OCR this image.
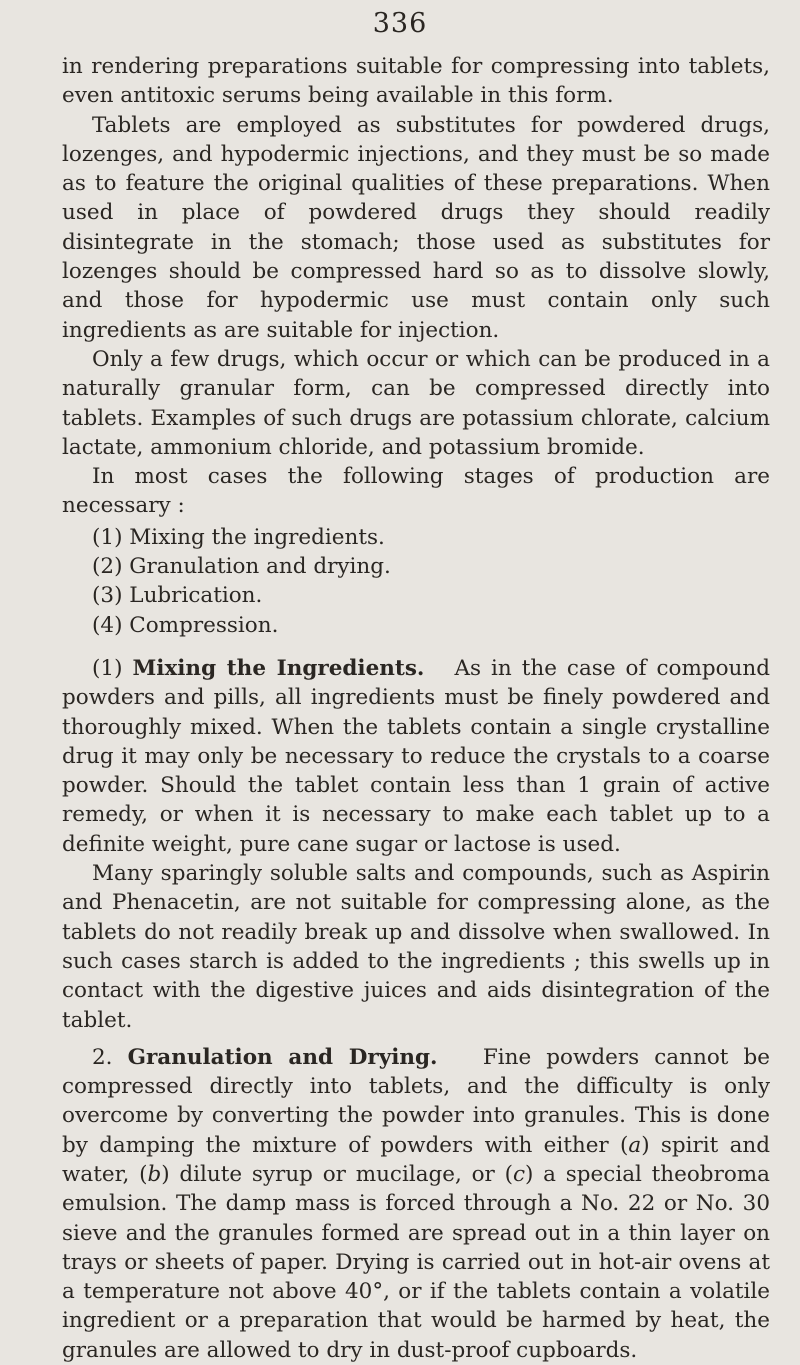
336

in rendering preparations suitable for compressing into tablets, even antitoxic serums being available in this form.

Tablets are employed as substitutes for powdered drugs, lozenges, and hypodermic injections, and they must be so made as to feature the original qualities of these preparations. When used in place of powdered drugs they should readily disintegrate in the stomach; those used as substitutes for lozenges should be compressed hard so as to dissolve slowly, and those for hypodermic use must contain only such ingredients as are suitable for injection.

Only a few drugs, which occur or which can be produced in a naturally granular form, can be compressed directly into tablets. Examples of such drugs are potassium chlorate, calcium lactate, ammonium chloride, and potassium bromide.

In most cases the following stages of production are necessary :

(1) Mixing the ingredients.
(2) Granulation and drying.
(3) Lubrication.
(4) Compression.

(1) Mixing the Ingredients. As in the case of compound powders and pills, all ingredients must be finely powdered and thoroughly mixed. When the tablets contain a single crystalline drug it may only be necessary to reduce the crystals to a coarse powder. Should the tablet contain less than 1 grain of active remedy, or when it is necessary to make each tablet up to a definite weight, pure cane sugar or lactose is used.

Many sparingly soluble salts and compounds, such as Aspirin and Phenacetin, are not suitable for compressing alone, as the tablets do not readily break up and dissolve when swallowed. In such cases starch is added to the ingredients ; this swells up in contact with the digestive juices and aids disintegration of the tablet.

2. Granulation and Drying. Fine powders cannot be compressed directly into tablets, and the difficulty is only overcome by converting the powder into granules. This is done by damping the mixture of powders with either (a) spirit and water, (b) dilute syrup or mucilage, or (c) a special theobroma emulsion. The damp mass is forced through a No. 22 or No. 30 sieve and the granules formed are spread out in a thin layer on trays or sheets of paper. Drying is carried out in hot-air ovens at a temperature not above 40°, or if the tablets contain a volatile ingredient or a preparation that would be harmed by heat, the granules are allowed to dry in dust-proof cupboards.
